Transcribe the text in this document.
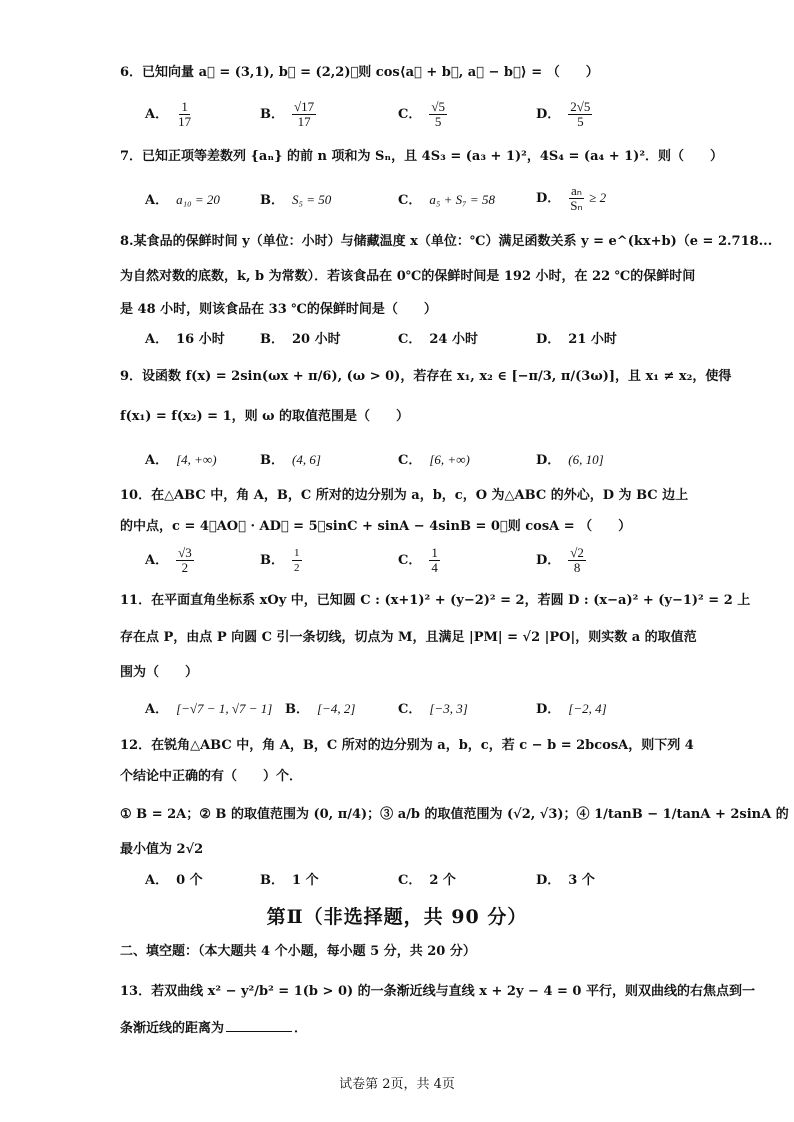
6．已知向量 a⃗ = (3,1), b⃗ = (2,2)，则 cos⟨a⃗ + b⃗, a⃗ − b⃗⟩ = （　　）
A． $\frac{1}{17}$	B． $\frac{√17}{17}$	C． $\frac{√5}{5}$	D． $\frac{2√5}{5}$
7．已知正项等差数列 {aₙ} 的前 n 项和为 Sₙ，且 4S₃ = (a₃ + 1)²，4S₄ = (a₄ + 1)²．则（　　）
A． a₁₀ = 20	B． S₅ = 50	C． a₅ + S₇ = 58	D． $\frac{\text{aₙ}}{\text{Sₙ}} \ge 2$
8.某食品的保鲜时间 y（单位：小时）与储藏温度 x（单位：℃）满足函数关系 y = e^(kx+b)（e = 2.718...
为自然对数的底数，k, b 为常数）．若该食品在 0℃的保鲜时间是 192 小时，在 22 ℃的保鲜时间
是 48 小时，则该食品在 33 ℃的保鲜时间是（　　）
A． 16 小时	B． 20 小时	C． 24 小时	D． 21 小时
9．设函数 f(x) = 2sin(ωx + π/6), (ω > 0)，若存在 x₁, x₂ ∈ [−π/3, π/(3ω)]，且 x₁ ≠ x₂，使得
f(x₁) = f(x₂) = 1，则 ω 的取值范围是（　　）
A． [4, +∞)	B． (4, 6]	C． [6, +∞)	D． (6, 10]
10．在△ABC 中，角 A，B，C 所对的边分别为 a，b，c，O 为△ABC 的外心，D 为 BC 边上
的中点，c = 4，AO⃗ · AD⃗ = 5，sinC + sinA − 4sinB = 0，则 cosA = （　　）
A． $\frac{√3}{2}$	B． $\frac{1}{2}$	C． $\frac{1}{4}$	D． $\frac{√2}{8}$
11．在平面直角坐标系 xOy 中，已知圆 C : (x+1)² + (y−2)² = 2，若圆 D : (x−a)² + (y−1)² = 2 上
存在点 P，由点 P 向圆 C 引一条切线，切点为 M，且满足 |PM| = √2 |PO|，则实数 a 的取值范
围为（　　）
A． [−√7 − 1, √7 − 1] B． [−4, 2]	C． [−3, 3]	D． [−2, 4]
12．在锐角△ABC 中，角 A，B，C 所对的边分别为 a，b，c，若 c − b = 2bcosA，则下列 4
个结论中正确的有（　　）个．
① B = 2A；② B 的取值范围为 (0, π/4)；③ a/b 的取值范围为 (√2, √3)；④ 1/tanB − 1/tanA + 2sinA 的
最小值为 2√2
A． 0 个	B． 1 个	C． 2 个	D． 3 个
第Ⅱ（非选择题，共 90 分）
二、填空题：（本大题共 4 个小题，每小题 5 分，共 20 分）
13．若双曲线 x² − y²/b² = 1(b > 0) 的一条渐近线与直线 x + 2y − 4 = 0 平行，则双曲线的右焦点到一
条渐近线的距离为	．
试卷第 2页，共 4页
